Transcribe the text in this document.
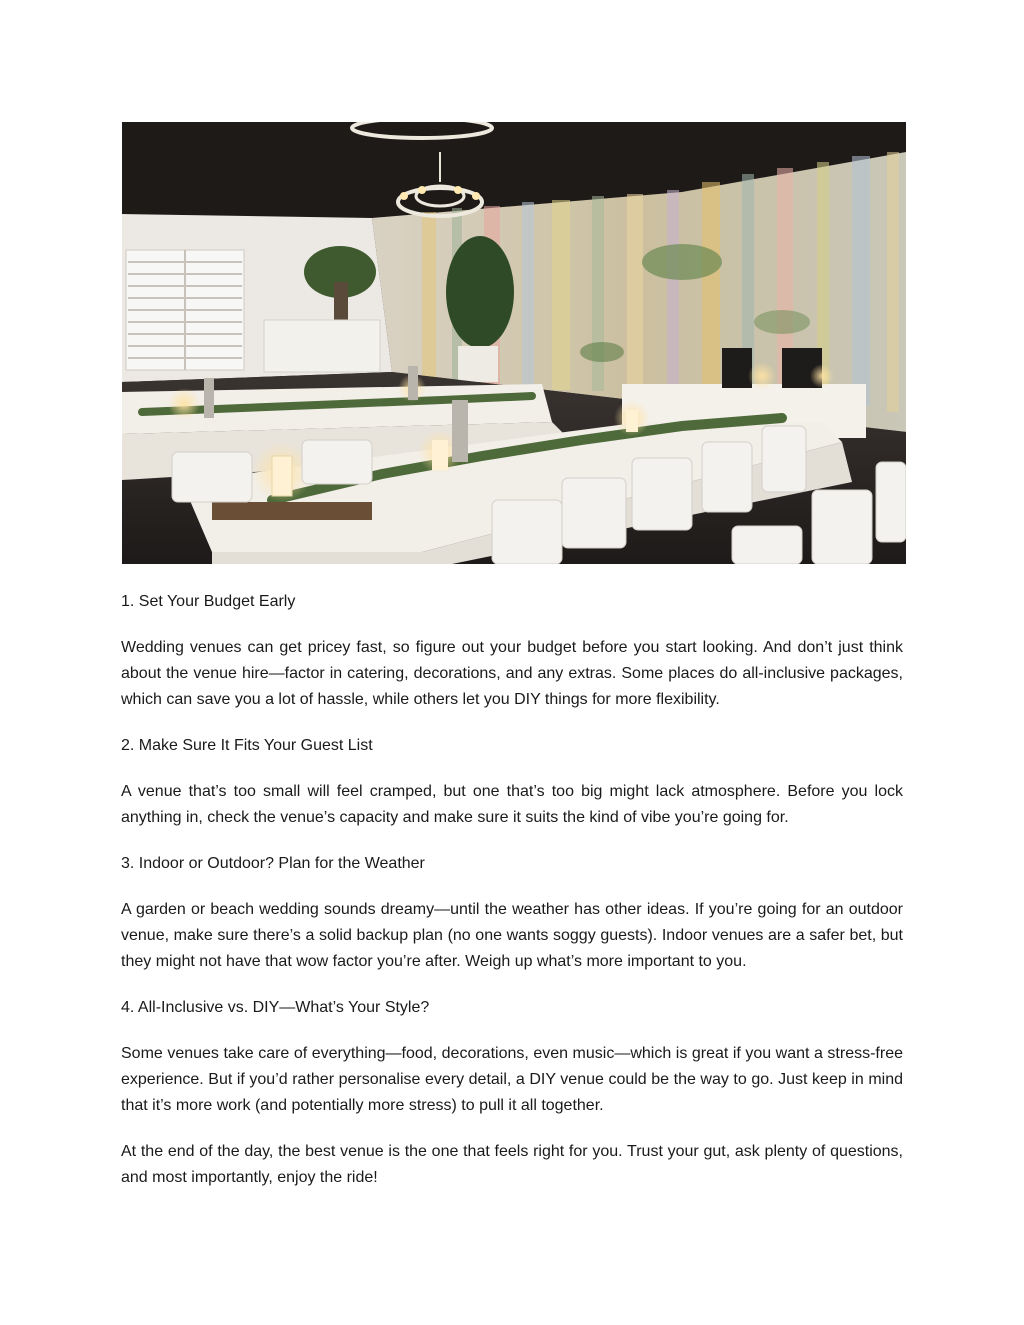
1. Set Your Budget Early

Wedding venues can get pricey fast, so figure out your budget before you start looking. And don’t just think about the venue hire—factor in catering, decorations, and any extras. Some places do all-inclusive packages, which can save you a lot of hassle, while others let you DIY things for more flexibility.

2. Make Sure It Fits Your Guest List

A venue that’s too small will feel cramped, but one that’s too big might lack atmosphere. Before you lock anything in, check the venue’s capacity and make sure it suits the kind of vibe you’re going for.

3. Indoor or Outdoor? Plan for the Weather

A garden or beach wedding sounds dreamy—until the weather has other ideas. If you’re going for an outdoor venue, make sure there’s a solid backup plan (no one wants soggy guests). Indoor venues are a safer bet, but they might not have that wow factor you’re after. Weigh up what’s more important to you.

4. All-Inclusive vs. DIY—What’s Your Style?

Some venues take care of everything—food, decorations, even music—which is great if you want a stress-free experience. But if you’d rather personalise every detail, a DIY venue could be the way to go. Just keep in mind that it’s more work (and potentially more stress) to pull it all together.

At the end of the day, the best venue is the one that feels right for you. Trust your gut, ask plenty of questions, and most importantly, enjoy the ride!
